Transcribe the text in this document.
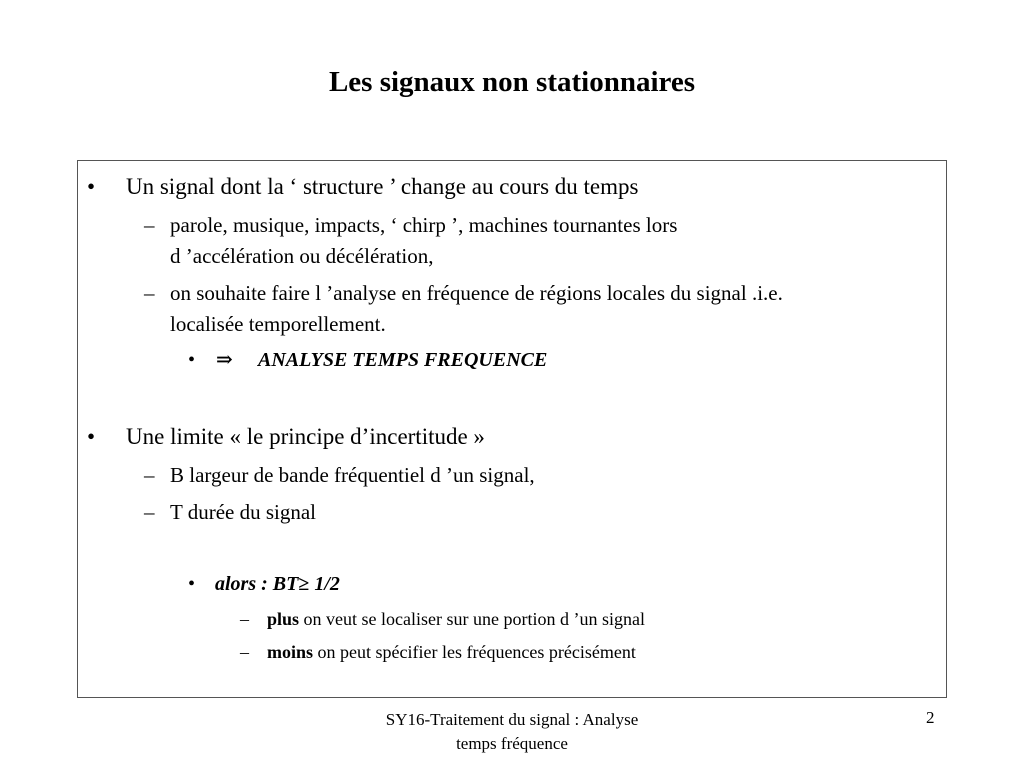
Les signaux non stationnaires
• Un signal dont la ‘ structure ’ change au cours du temps
– parole, musique, impacts, ‘ chirp ’, machines tournantes lors
d ’accélération ou décélération,
– on souhaite faire l ’analyse en fréquence de régions locales du signal .i.e.
localisée temporellement.
• ⇒ ANALYSE TEMPS FREQUENCE
• Une limite « le principe d’incertitude »
– B largeur de bande fréquentiel d ’un signal,
– T durée du signal
• alors : BT≥ 1/2
– plus on veut se localiser sur une portion d ’un signal
– moins on peut spécifier les fréquences précisément
SY16-Traitement du signal : Analyse
temps fréquence
2
